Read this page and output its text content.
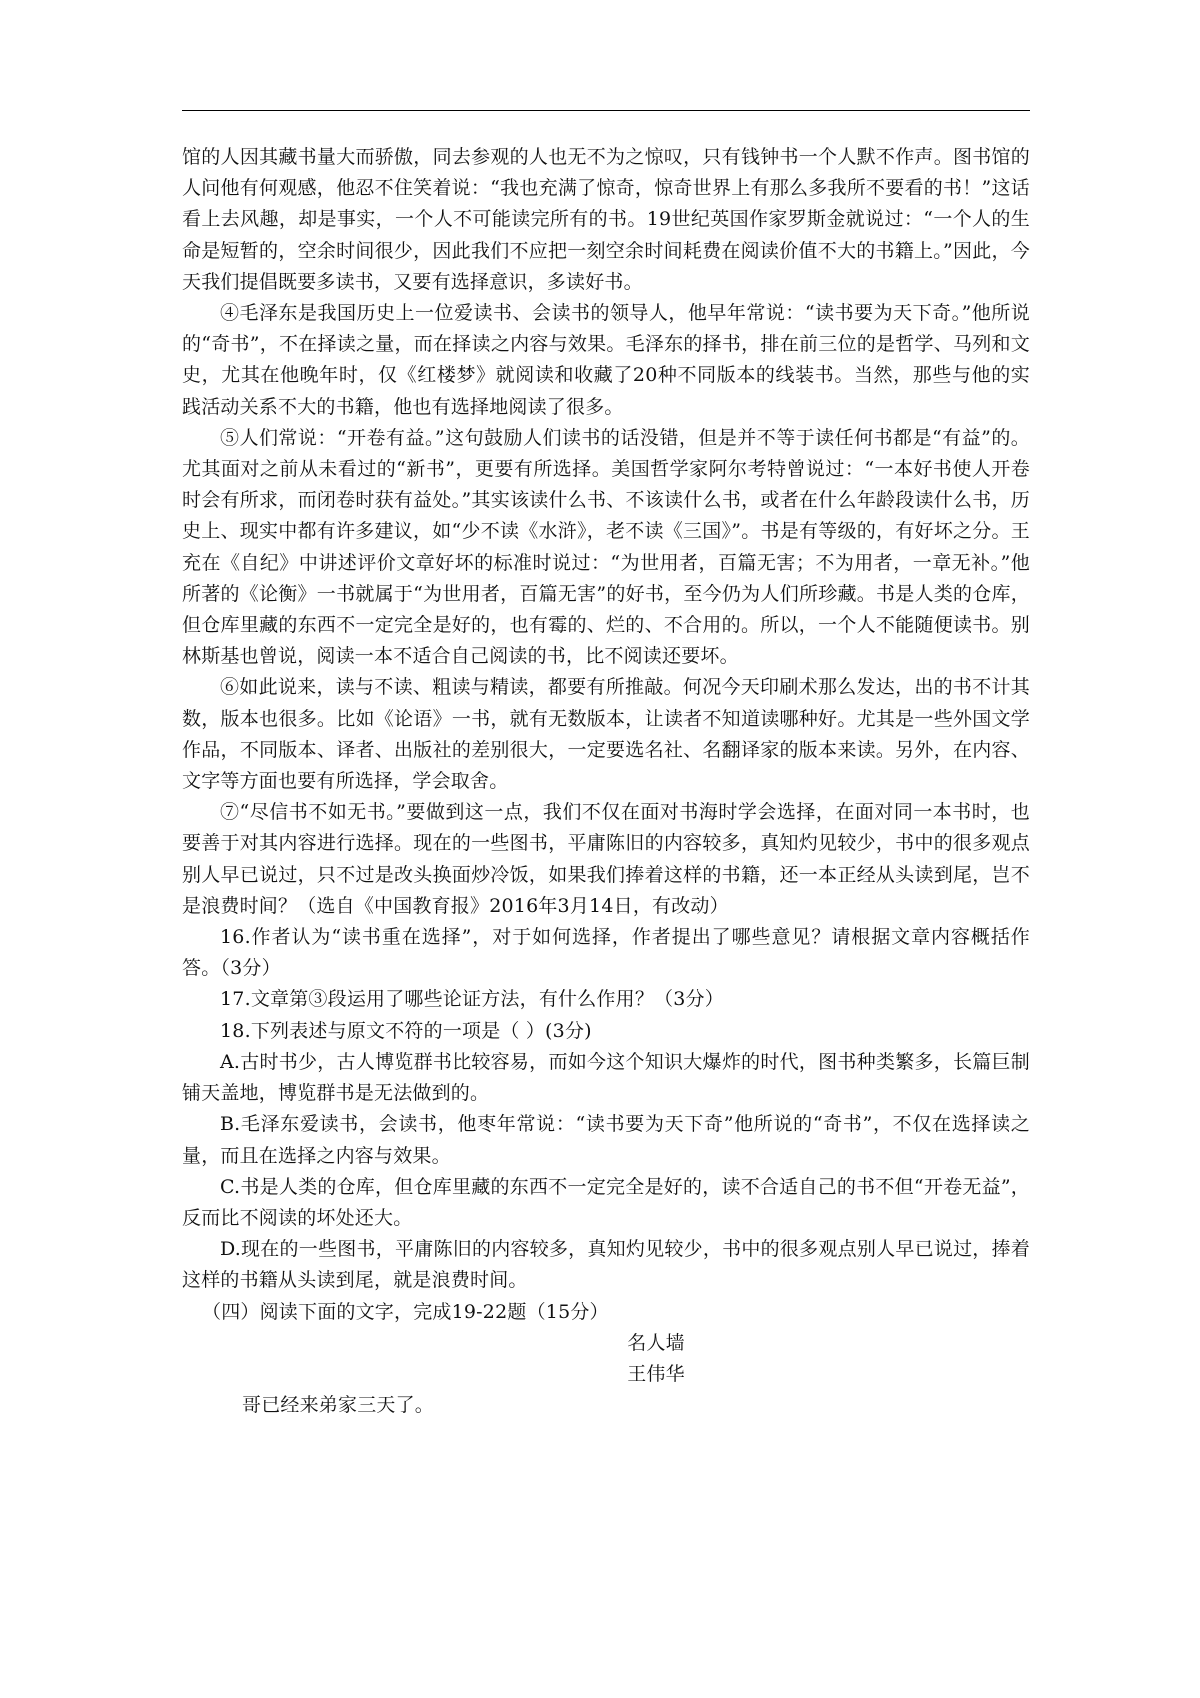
馆的人因其藏书量大而骄傲，同去参观的人也无不为之惊叹，只有钱钟书一个人默不作声。图书馆的人问他有何观感，他忍不住笑着说：“我也充满了惊奇，惊奇世界上有那么多我所不要看的书！”这话看上去风趣，却是事实，一个人不可能读完所有的书。19世纪英国作家罗斯金就说过：“一个人的生命是短暂的，空余时间很少，因此我们不应把一刻空余时间耗费在阅读价值不大的书籍上。”因此，今天我们提倡既要多读书，又要有选择意识，多读好书。

④毛泽东是我国历史上一位爱读书、会读书的领导人，他早年常说：“读书要为天下奇。”他所说的“奇书”，不在择读之量，而在择读之内容与效果。毛泽东的择书，排在前三位的是哲学、马列和文史，尤其在他晚年时，仅《红楼梦》就阅读和收藏了20种不同版本的线装书。当然，那些与他的实践活动关系不大的书籍，他也有选择地阅读了很多。

⑤人们常说：“开卷有益。”这句鼓励人们读书的话没错，但是并不等于读任何书都是“有益”的。尤其面对之前从未看过的“新书”，更要有所选择。美国哲学家阿尔考特曾说过：“一本好书使人开卷时会有所求，而闭卷时获有益处。”其实该读什么书、不该读什么书，或者在什么年龄段读什么书，历史上、现实中都有许多建议，如“少不读《水浒》，老不读《三国》”。书是有等级的，有好坏之分。王充在《自纪》中讲述评价文章好坏的标准时说过：“为世用者，百篇无害；不为用者，一章无补。”他所著的《论衡》一书就属于“为世用者，百篇无害”的好书，至今仍为人们所珍藏。书是人类的仓库，但仓库里藏的东西不一定完全是好的，也有霉的、烂的、不合用的。所以，一个人不能随便读书。别林斯基也曾说，阅读一本不适合自己阅读的书，比不阅读还要坏。

⑥如此说来，读与不读、粗读与精读，都要有所推敲。何况今天印刷术那么发达，出的书不计其数，版本也很多。比如《论语》一书，就有无数版本，让读者不知道读哪种好。尤其是一些外国文学作品，不同版本、译者、出版社的差别很大，一定要选名社、名翻译家的版本来读。另外，在内容、文字等方面也要有所选择，学会取舍。

⑦“尽信书不如无书。”要做到这一点，我们不仅在面对书海时学会选择，在面对同一本书时，也要善于对其内容进行选择。现在的一些图书，平庸陈旧的内容较多，真知灼见较少，书中的很多观点别人早已说过，只不过是改头换面炒冷饭，如果我们捧着这样的书籍，还一本正经从头读到尾，岂不是浪费时间？（选自《中国教育报》2016年3月14日，有改动）

16.作者认为“读书重在选择”，对于如何选择，作者提出了哪些意见？请根据文章内容概括作答。（3分）

17.文章第③段运用了哪些论证方法，有什么作用？（3分）

18.下列表述与原文不符的一项是（ ）(3分)

A.古时书少，古人博览群书比较容易，而如今这个知识大爆炸的时代，图书种类繁多，长篇巨制铺天盖地，博览群书是无法做到的。

B.毛泽东爱读书，会读书，他枣年常说：“读书要为天下奇”他所说的“奇书”，不仅在选择读之量，而且在选择之内容与效果。

C.书是人类的仓库，但仓库里藏的东西不一定完全是好的，读不合适自己的书不但“开卷无益”，反而比不阅读的坏处还大。

D.现在的一些图书，平庸陈旧的内容较多，真知灼见较少，书中的很多观点别人早已说过，捧着这样的书籍从头读到尾，就是浪费时间。

（四）阅读下面的文字，完成19-22题（15分）

名人墙

王伟华

哥已经来弟家三天了。
